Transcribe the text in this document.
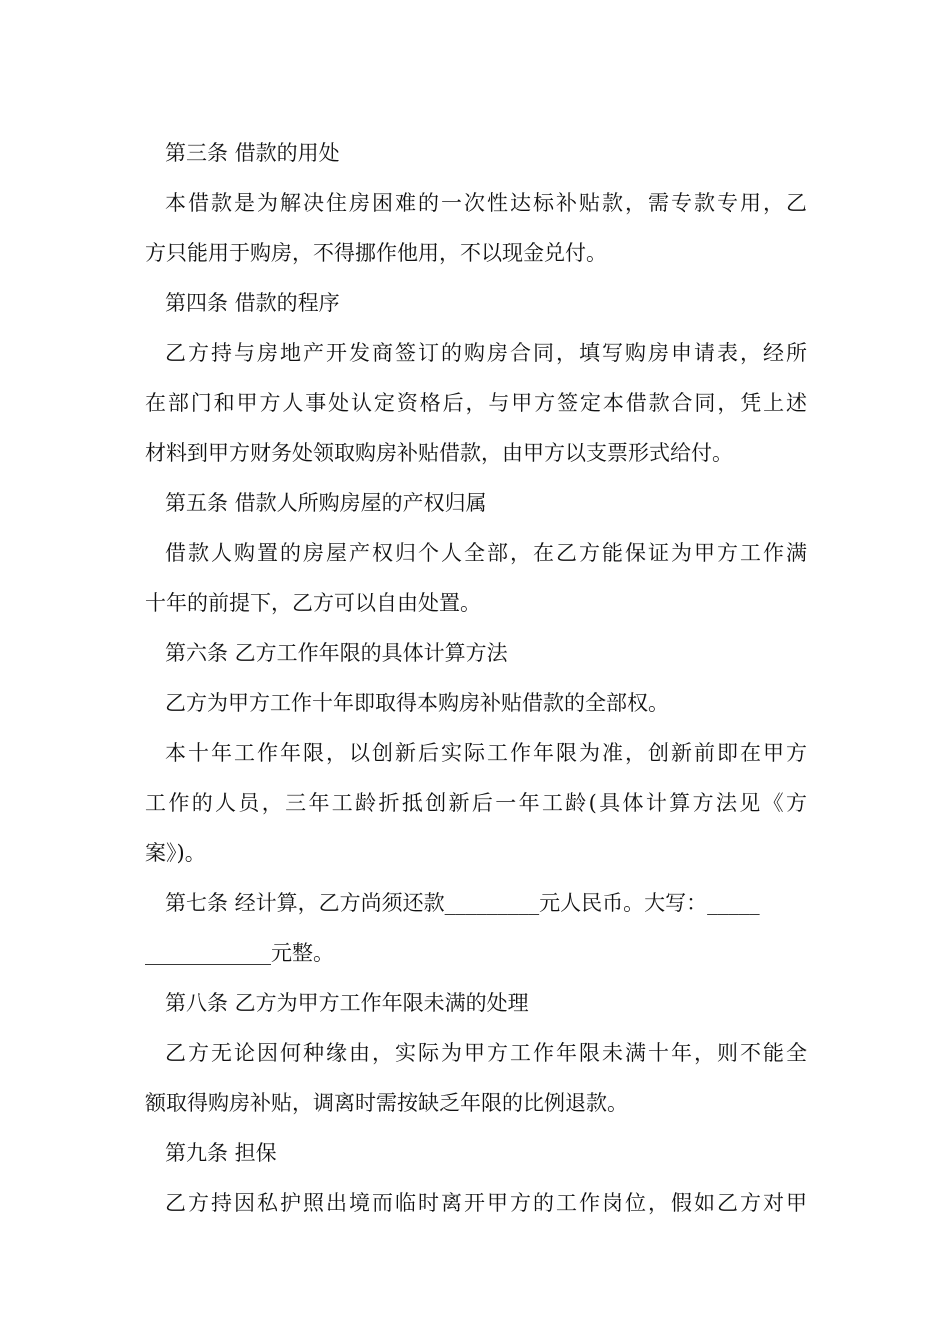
第三条 借款的用处
本借款是为解决住房困难的一次性达标补贴款，需专款专用，乙
方只能用于购房，不得挪作他用，不以现金兑付。
第四条 借款的程序
乙方持与房地产开发商签订的购房合同，填写购房申请表，经所
在部门和甲方人事处认定资格后，与甲方签定本借款合同，凭上述
材料到甲方财务处领取购房补贴借款，由甲方以支票形式给付。
第五条 借款人所购房屋的产权归属
借款人购置的房屋产权归个人全部，在乙方能保证为甲方工作满
十年的前提下，乙方可以自由处置。
第六条 乙方工作年限的具体计算方法
乙方为甲方工作十年即取得本购房补贴借款的全部权。
本十年工作年限，以创新后实际工作年限为准，创新前即在甲方
工作的人员，三年工龄折抵创新后一年工龄(具体计算方法见《方
案》)。
第七条 经计算，乙方尚须还款_________元人民币。大写：_____
____________元整。
第八条 乙方为甲方工作年限未满的处理
乙方无论因何种缘由，实际为甲方工作年限未满十年，则不能全
额取得购房补贴，调离时需按缺乏年限的比例退款。
第九条 担保
乙方持因私护照出境而临时离开甲方的工作岗位，假如乙方对甲
